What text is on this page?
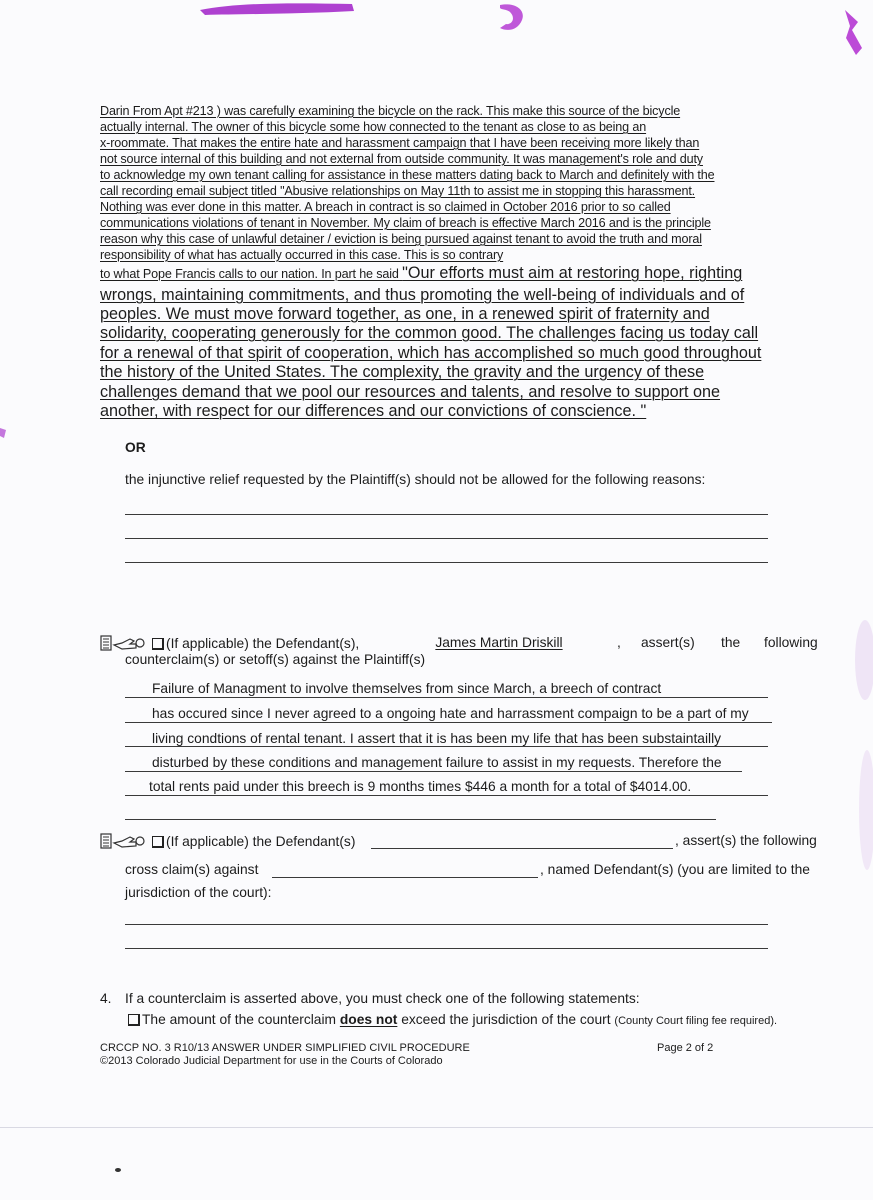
Darin From Apt #213 ) was carefully examining the bicycle on the rack. This make this source of the bicycle
actually internal. The owner of this bicycle some how connected to the tenant as close to as being an
x-roommate. That makes the entire hate and harassment campaign that I have been receiving more likely than
not source internal of this building and not external from outside community. It was management's role and duty
to acknowledge my own tenant calling for assistance in these matters dating back to March and definitely with the
call recording email subject titled "Abusive relationships on May 11th to assist me in stopping this harassment.
Nothing was ever done in this matter. A breach in contract is so claimed in October 2016 prior to so called
communications violations of tenant in November. My claim of breach is effective March 2016 and is the principle
reason why this case of unlawful detainer / eviction is being pursued against tenant to avoid the truth and moral
responsibility of what has actually occurred in this case. This is so contrary
to what Pope Francis calls to our nation. In part he said "Our efforts must aim at restoring hope, righting
wrongs, maintaining commitments, and thus promoting the well-being of individuals and of
peoples. We must move forward together, as one, in a renewed spirit of fraternity and
solidarity, cooperating generously for the common good. The challenges facing us today call
for a renewal of that spirit of cooperation, which has accomplished so much good throughout
the history of the United States. The complexity, the gravity and the urgency of these
challenges demand that we pool our resources and talents, and resolve to support one
another, with respect for our differences and our convictions of conscience. "
OR
the injunctive relief requested by the Plaintiff(s) should not be allowed for the following reasons:
(If applicable) the Defendant(s),	James Martin Driskill	, assert(s) the following
counterclaim(s) or setoff(s) against the Plaintiff(s)
Failure of Managment to involve themselves from since March, a breech of contract
has occured since I never agreed to a ongoing hate and harrassment compaign to be a part of my
living condtions of rental tenant. I assert that it is has been my life that has been substaintailly
disturbed by these conditions and management failure to assist in my requests. Therefore the
total rents paid under this breech is 9 months times $446 a month for a total of $4014.00.
(If applicable) the Defendant(s)	, assert(s) the following
cross claim(s) against	, named Defendant(s) (you are limited to the
jurisdiction of the court):
4. If a counterclaim is asserted above, you must check one of the following statements:
The amount of the counterclaim does not exceed the jurisdiction of the court (County Court filing fee required).
CRCCP NO. 3 R10/13 ANSWER UNDER SIMPLIFIED CIVIL PROCEDURE
©2013 Colorado Judicial Department for use in the Courts of Colorado
Page 2 of 2
